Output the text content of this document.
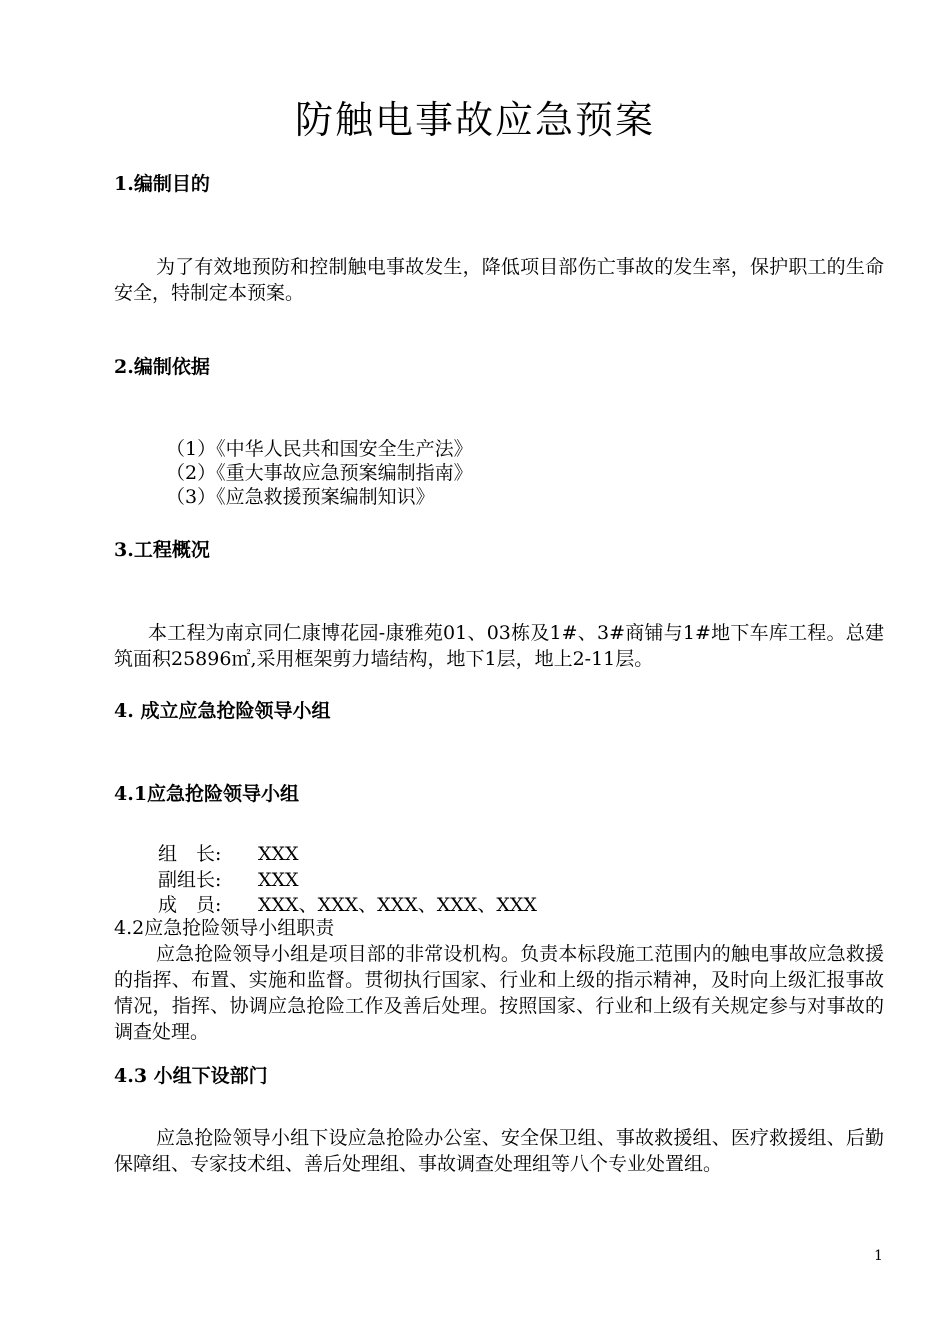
防触电事故应急预案
1.编制目的

为了有效地预防和控制触电事故发生，降低项目部伤亡事故的发生率，保护职工的生命安全，特制定本预案。

2.编制依据

（1）《中华人民共和国安全生产法》

（2）《重大事故应急预案编制指南》

（3）《应急救援预案编制知识》

3.工程概况

本工程为南京同仁康博花园-康雅苑01、03栋及1#、3#商铺与1#地下车库工程。总建筑面积25896㎡,采用框架剪力墙结构，地下1层，地上2-11层。

4. 成立应急抢险领导小组
4.1应急抢险领导小组

组　长: XXX

副组长: XXX

成　员: XXX、XXX、XXX、XXX、XXX

4.2应急抢险领导小组职责

应急抢险领导小组是项目部的非常设机构。负责本标段施工范围内的触电事故应急救援的指挥、布置、实施和监督。贯彻执行国家、行业和上级的指示精神，及时向上级汇报事故情况，指挥、协调应急抢险工作及善后处理。按照国家、行业和上级有关规定参与对事故的调查处理。

4.3 小组下设部门

应急抢险领导小组下设应急抢险办公室、安全保卫组、事故救援组、医疗救援组、后勤保障组、专家技术组、善后处理组、事故调查处理组等八个专业处置组。

1
